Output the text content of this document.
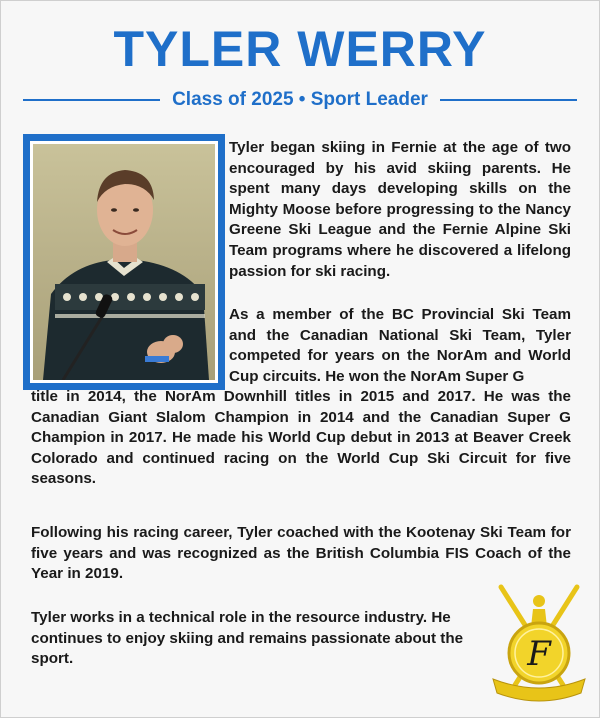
TYLER WERRY
Class of 2025 • Sport Leader
Tyler began skiing in Fernie at the age of two encouraged by his avid skiing parents. He spent many days developing skills on the Mighty Moose before progressing to the Nancy Greene Ski League and the Fernie Alpine Ski Team programs where he discovered a lifelong passion for ski racing.
As a member of the BC Provincial Ski Team and the Canadian National Ski Team, Tyler competed for years on the NorAm and World Cup circuits. He won the NorAm Super G
title in 2014, the NorAm Downhill titles in 2015 and 2017. He was the Canadian Giant Slalom Champion in 2014 and the Canadian Super G Champion in 2017. He made his World Cup debut in 2013 at Beaver Creek Colorado and continued racing on the World Cup Ski Circuit for five seasons.
Following his racing career, Tyler coached with the Kootenay Ski Team for five years and was recognized as the British Columbia FIS Coach of the Year in 2019.
Tyler works in a technical role in the resource industry. He continues to enjoy skiing and remains passionate about the sport.	F
